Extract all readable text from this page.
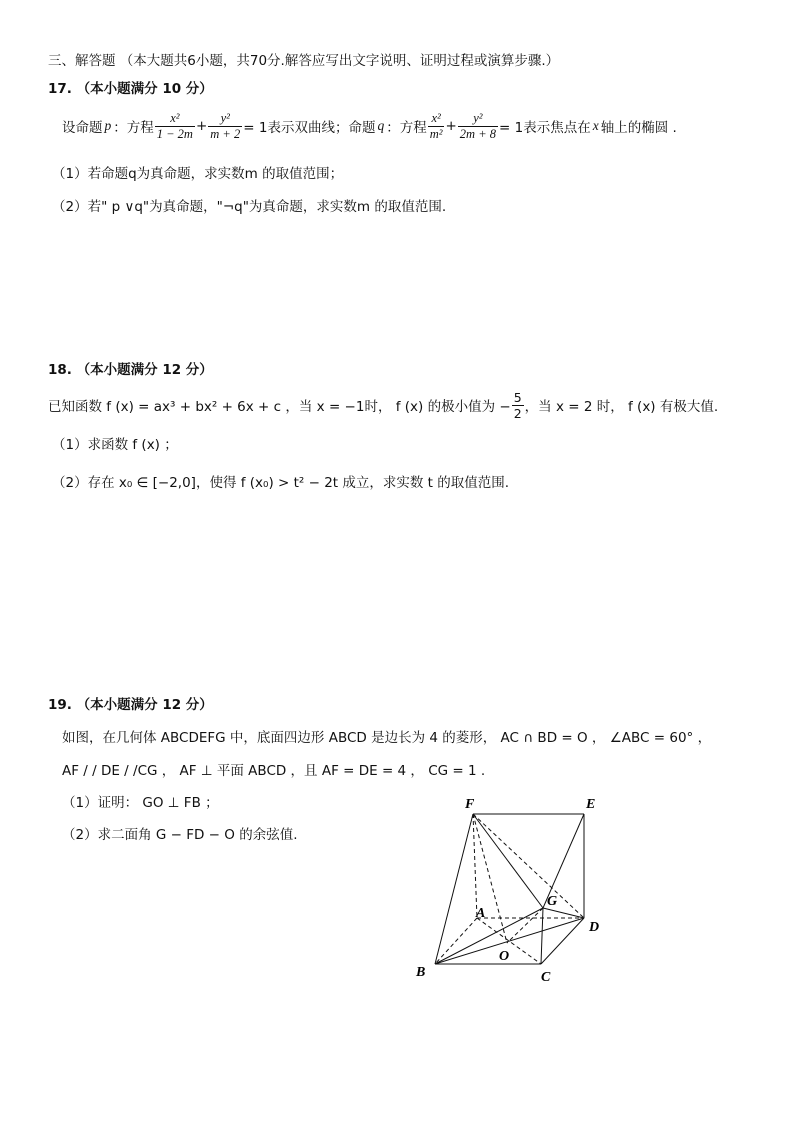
三、解答题 （本大题共6小题，共70分.解答应写出文字说明、证明过程或演算步骤.）
17. （本小题满分 10 分）
设命题 p ：方程 $\frac{\text{x²}}{1 - 2m} + \frac{\text{y²}}{m + 2} = 1$表示双曲线；命题 q ：方程 $\frac{\text{x²}}{\text{m²}} + \frac{\text{y²}}{2m + 8} = 1$表示焦点在 x 轴上的椭圆 .
（1）若命题q为真命题，求实数m 的取值范围；
（2）若" p ∨q"为真命题，"¬q"为真命题，求实数m 的取值范围.
18. （本小题满分 12 分）
已知函数 f (x) = ax³ + bx² + 6x + c ，当 x = −1时， f (x) 的极小值为 − $\frac{5}{2}$ ，当 x = 2 时， f (x) 有极大值.
（1）求函数 f (x) ；
（2）存在 x₀ ∈ [−2,0]，使得 f (x₀) > t² − 2t 成立，求实数 t 的取值范围.
19. （本小题满分 12 分）
如图，在几何体 ABCDEFG 中，底面四边形 ABCD 是边长为 4 的菱形， AC ∩ BD = O ， ∠ABC = 60° ，
AF / / DE / /CG ， AF ⊥ 平面 ABCD ，且 AF = DE = 4 ， CG = 1 .
（1）证明： GO ⊥ FB ；
（2）求二面角 G − FD − O 的余弦值.
F	E
A
G
D
O
B	C
